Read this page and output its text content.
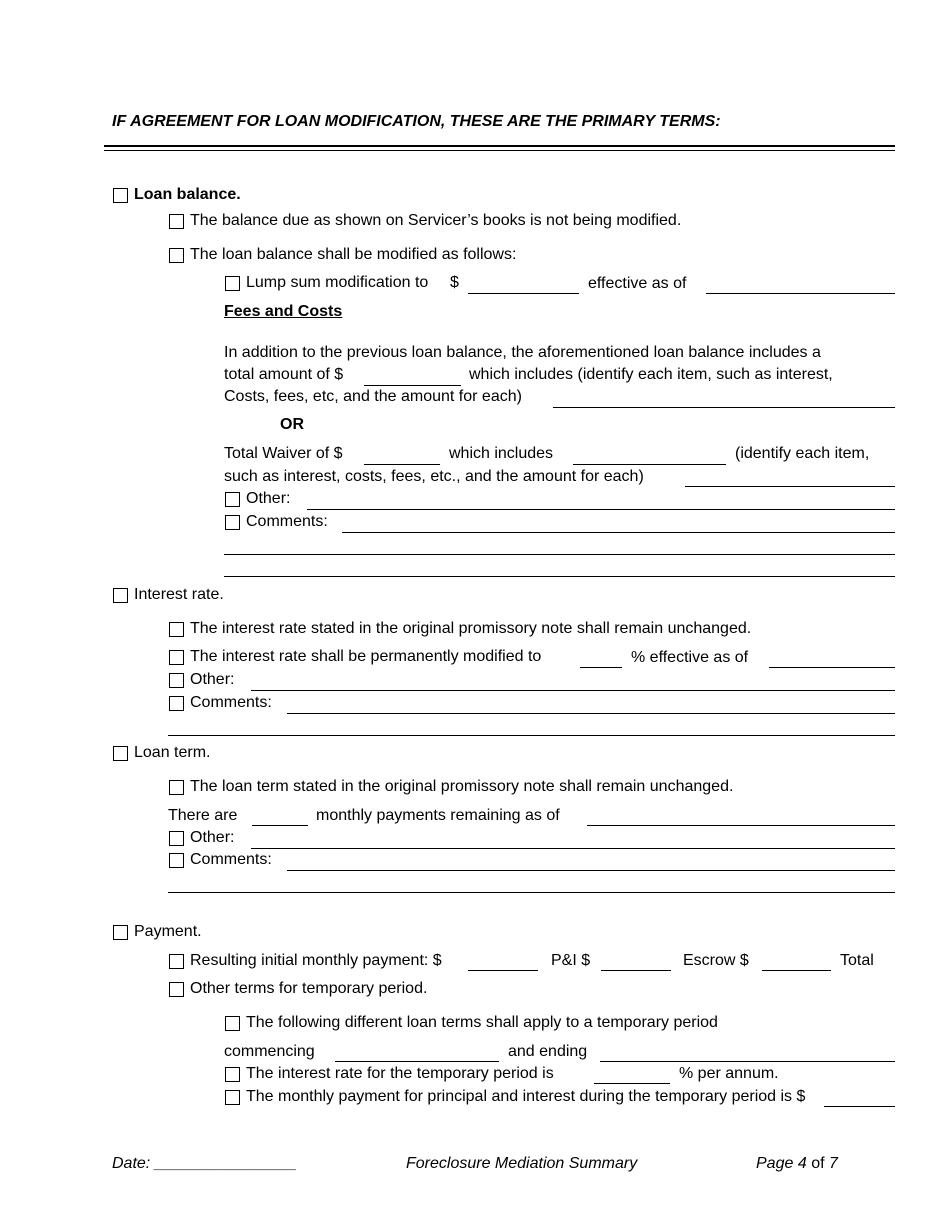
IF AGREEMENT FOR LOAN MODIFICATION, THESE ARE THE PRIMARY TERMS:
Loan balance.
The balance due as shown on Servicer’s books is not being modified.
The loan balance shall be modified as follows:
Lump sum modification to $	effective as of
Fees and Costs
In addition to the previous loan balance, the aforementioned loan balance includes a
total amount of $	which includes (identify each item, such as interest,
Costs, fees, etc, and the amount for each)
OR
Total Waiver of $	which includes	(identify each item,
such as interest, costs, fees, etc., and the amount for each)
Other:
Comments:
Interest rate.
The interest rate stated in the original promissory note shall remain unchanged.
The interest rate shall be permanently modified to	% effective as of
Other:
Comments:
Loan term.
The loan term stated in the original promissory note shall remain unchanged.
There are	monthly payments remaining as of
Other:
Comments:
Payment.
Resulting initial monthly payment: $	P&I $	Escrow $	Total
Other terms for temporary period.
The following different loan terms shall apply to a temporary period
commencing	and ending
The interest rate for the temporary period is	% per annum.
The monthly payment for principal and interest during the temporary period is $
Date: ________________	Foreclosure Mediation Summary	Page 4 of 7
